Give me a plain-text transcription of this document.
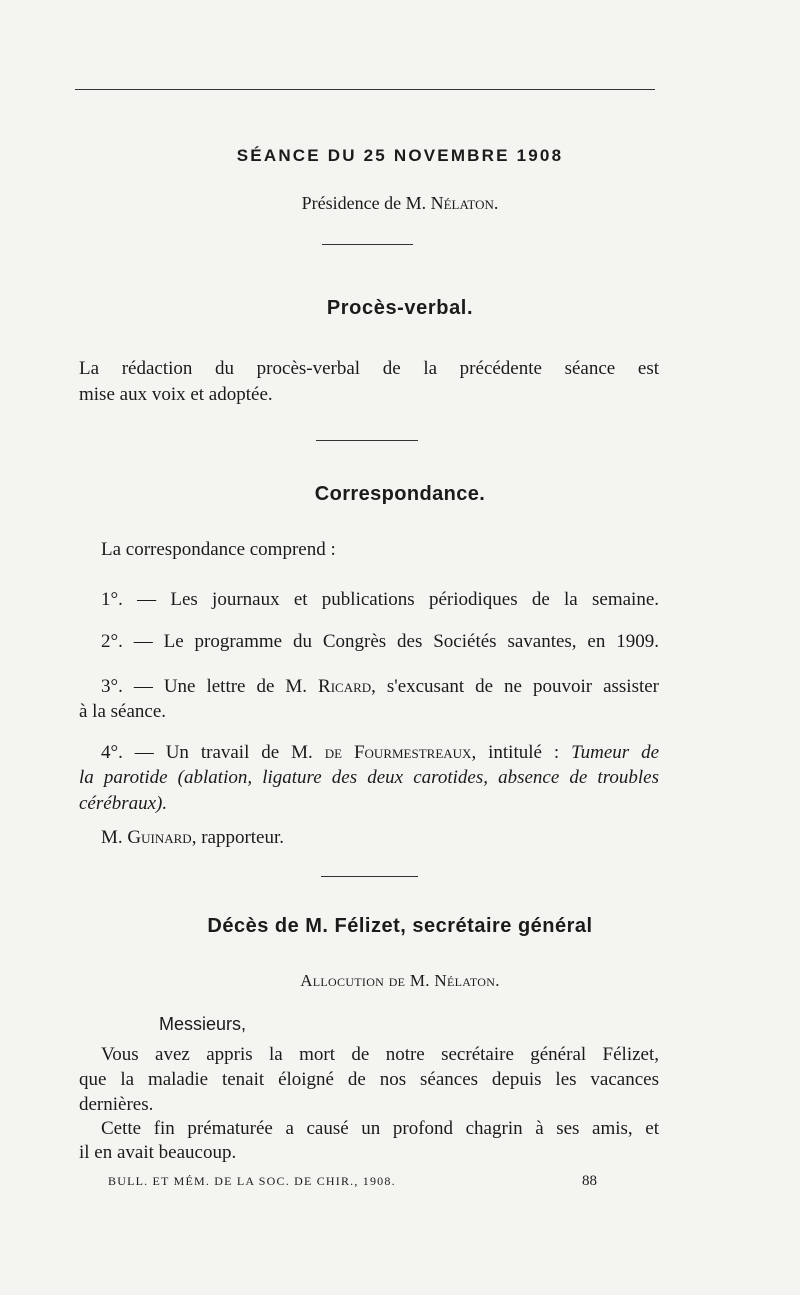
SÉANCE DU 25 NOVEMBRE 1908
Présidence de M. Nélaton.
Procès-verbal.
La rédaction du procès-verbal de la précédente séance est
mise aux voix et adoptée.
Correspondance.
La correspondance comprend :
1°. — Les journaux et publications périodiques de la semaine.
2°. — Le programme du Congrès des Sociétés savantes, en 1909.
3°. — Une lettre de M. Ricard, s'excusant de ne pouvoir assister
à la séance.
4°. — Un travail de M. de Fourmestreaux, intitulé : Tumeur de
la parotide (ablation, ligature des deux carotides, absence de troubles
cérébraux).
M. Guinard, rapporteur.
Décès de M. Félizet, secrétaire général
Allocution de M. Nélaton.
Messieurs,
Vous avez appris la mort de notre secrétaire général Félizet,
que la maladie tenait éloigné de nos séances depuis les vacances
dernières.
Cette fin prématurée a causé un profond chagrin à ses amis, et
il en avait beaucoup.
BULL. ET MÉM. DE LA SOC. DE CHIR., 1908.	88
